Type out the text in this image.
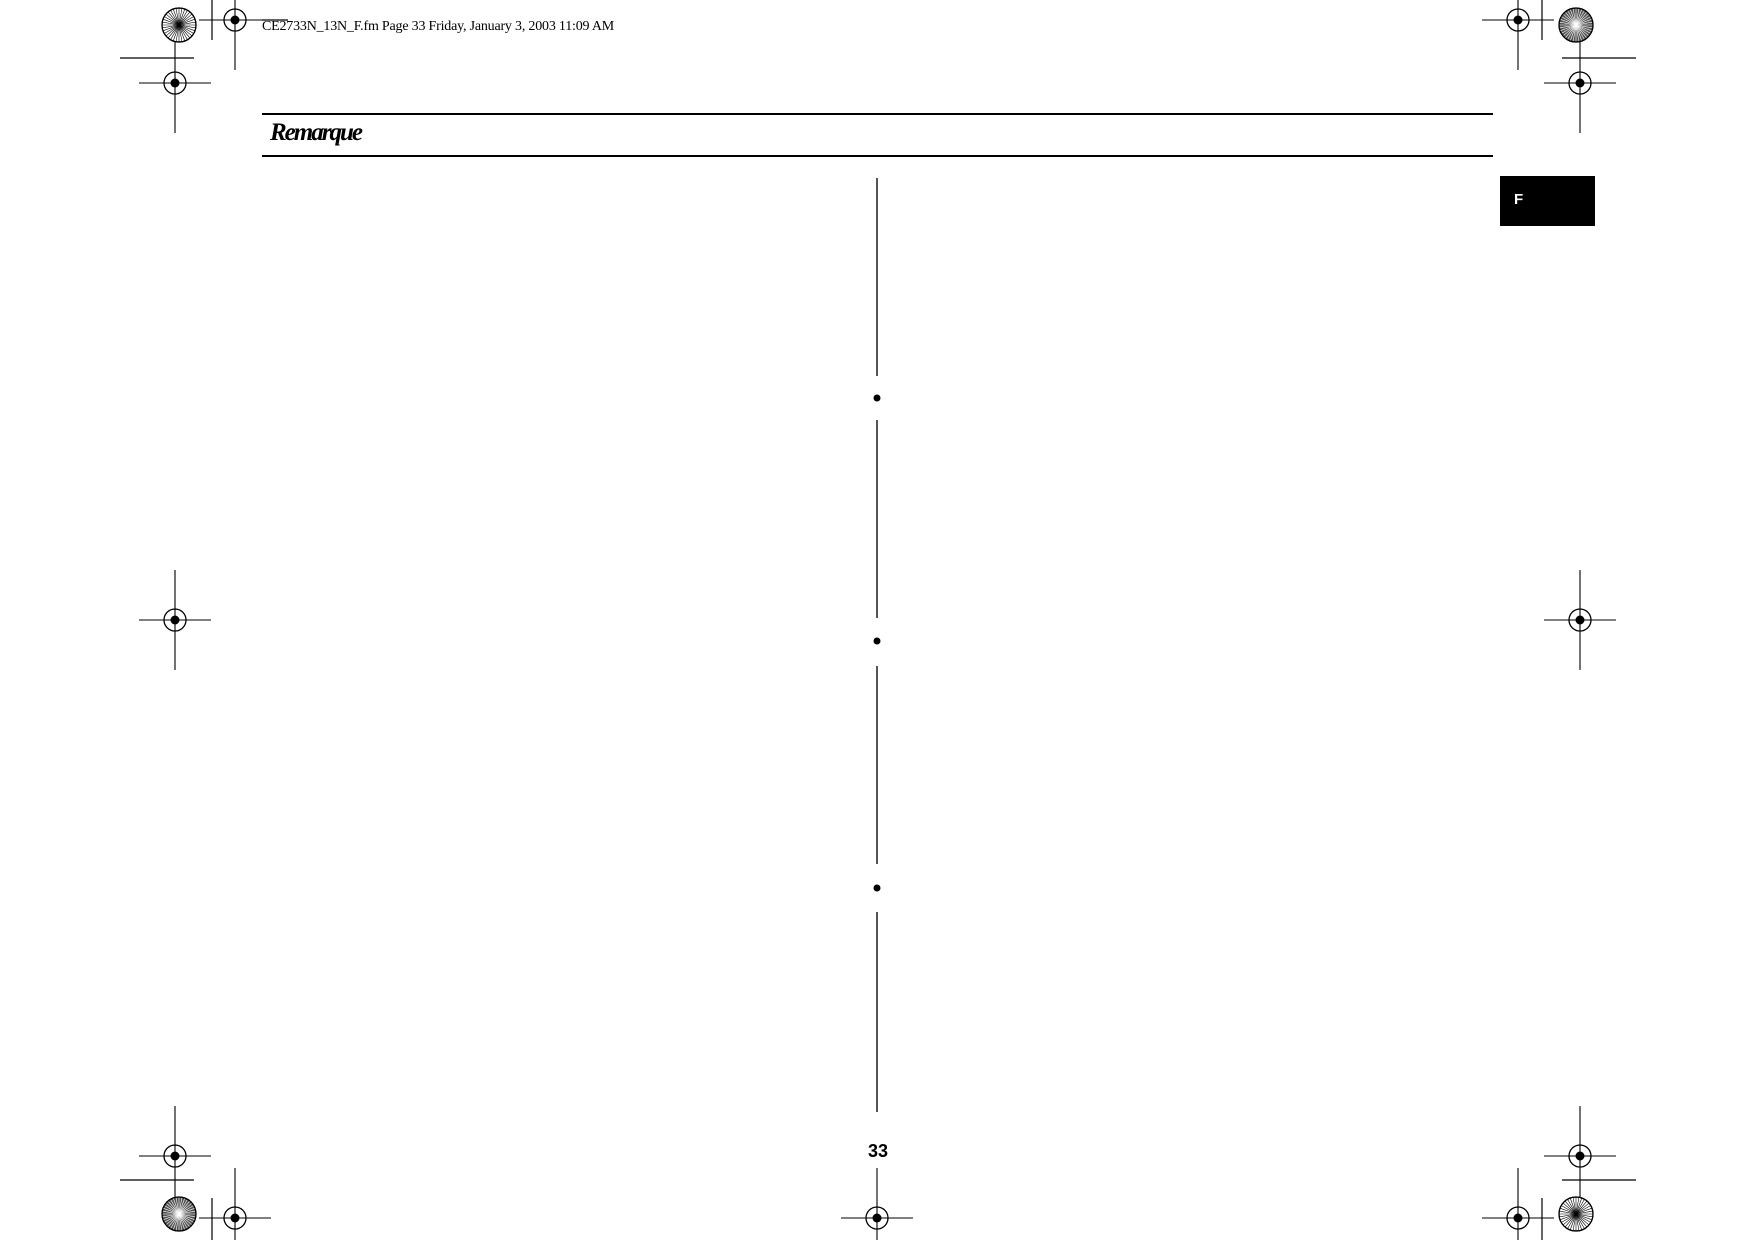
CE2733N_13N_F.fm Page 33 Friday, January 3, 2003 11:09 AM
Remarque
F
33
